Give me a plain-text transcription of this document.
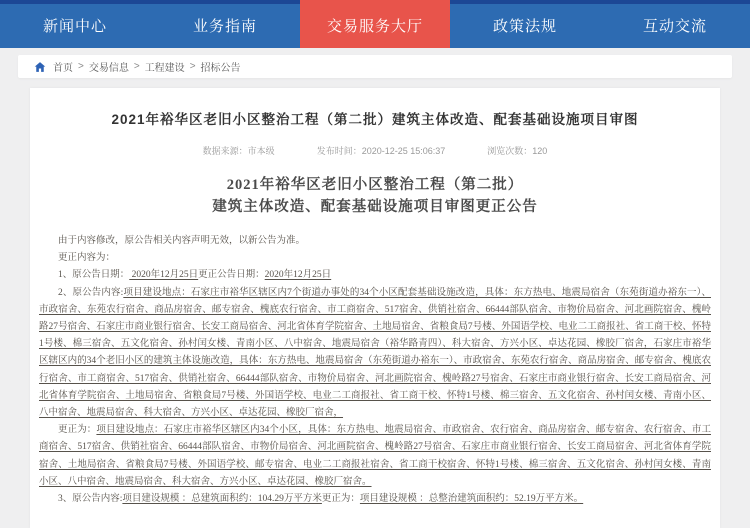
新闻中心	业务指南	交易服务大厅	政策法规	互动交流
首页 > 交易信息 > 工程建设 > 招标公告
2021年裕华区老旧小区整治工程（第二批）建筑主体改造、配套基础设施项目审图
数据来源：市本级	发布时间：2020-12-25 15:06:37	浏览次数：120
2021年裕华区老旧小区整治工程（第二批）
建筑主体改造、配套基础设施项目审图更正公告

由于内容修改，原公告相关内容声明无效，以新公告为准。

更正内容为：

1、原公告日期： 2020年12月25日更正公告日期：2020年12月25日

2、原公告内容:项目建设地点：石家庄市裕华区辖区内7个街道办事处的34个小区配套基础设施改造，具体：东方热电、地震局宿舍（东苑街道办裕东一）、市政宿舍、东苑农行宿舍、商品房宿舍、邮专宿舍、槐底农行宿舍、市工商宿舍、517宿舍、供销社宿舍、66444部队宿舍、市物价局宿舍、河北画院宿舍、槐岭路27号宿舍、石家庄市商业银行宿舍、长安工商局宿舍、河北省体育学院宿舍、土地局宿舍、省粮食局7号楼、外国语学校、电业二工商报社、省工商干校、怀特1号楼、棉三宿舍、五文化宿舍、孙村闰女楼、青南小区、八中宿舍、地震局宿舍（裕华路青四）、科大宿舍、方兴小区、卓达花园、橡胶厂宿舍，石家庄市裕华区辖区内的34个老旧小区的建筑主体设施改造，具体：东方热电、地震局宿舍（东苑街道办裕东一）、市政宿舍、东苑农行宿舍、商品房宿舍、邮专宿舍、槐底农行宿舍、市工商宿舍、517宿舍、供销社宿舍、66444部队宿舍、市物价局宿舍、河北画院宿舍、槐岭路27号宿舍、石家庄市商业银行宿舍、长安工商局宿舍、河北省体育学院宿舍、土地局宿舍、省粮食局7号楼、外国语学校、电业二工商报社、省工商干校、怀特1号楼、棉三宿舍、五文化宿舍、孙村闰女楼、青南小区、八中宿舍、地震局宿舍、科大宿舍、方兴小区、卓达花园、橡胶厂宿舍，

更正为：项目建设地点：石家庄市裕华区辖区内34个小区，具体：东方热电、地震局宿舍、市政宿舍、农行宿舍、商品房宿舍、邮专宿舍、农行宿舍、市工商宿舍、517宿舍、供销社宿舍、66444部队宿舍、市物价局宿舍、河北画院宿舍、槐岭路27号宿舍、石家庄市商业银行宿舍、长安工商局宿舍、河北省体育学院宿舍、土地局宿舍、省粮食局7号楼、外国语学校、邮专宿舍、电业二工商报社宿舍、省工商干校宿舍、怀特1号楼、棉三宿舍、五文化宿舍、孙村闰女楼、青南小区、八中宿舍、地震局宿舍、科大宿舍、方兴小区、卓达花园、橡胶厂宿舍。

3、原公告内容:项目建设规模 ：总建筑面积约：104.29万平方米更正为：项目建设规模 ：总整治建筑面积约：52.19万平方米。
